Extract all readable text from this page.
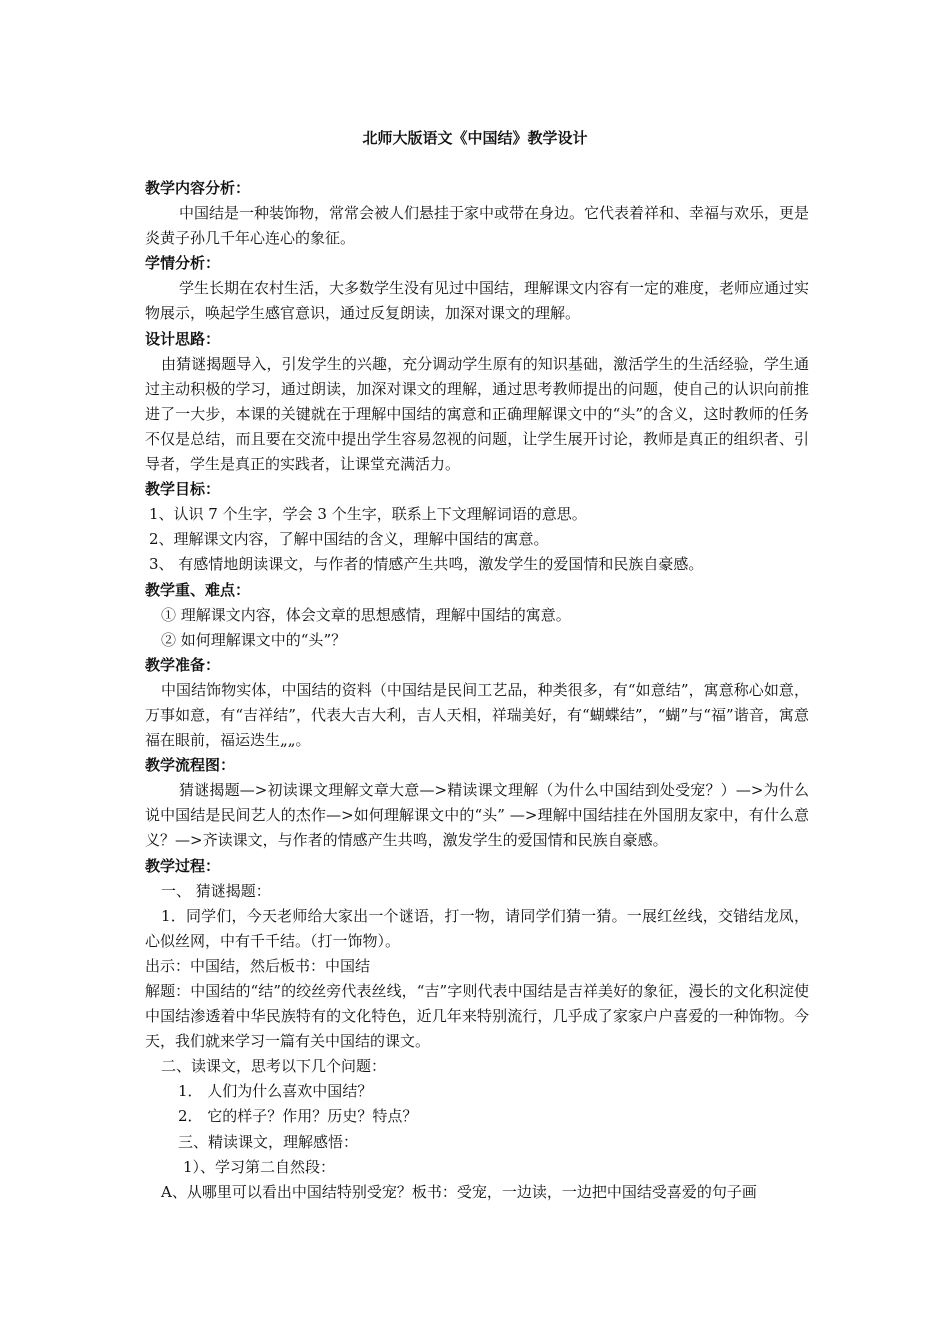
北师大版语文《中国结》教学设计

教学内容分析：

中国结是一种装饰物，常常会被人们悬挂于家中或带在身边。它代表着祥和、幸福与欢乐，更是炎黄子孙几千年心连心的象征。

学情分析：

学生长期在农村生活，大多数学生没有见过中国结，理解课文内容有一定的难度，老师应通过实物展示，唤起学生感官意识，通过反复朗读，加深对课文的理解。

设计思路：

由猜谜揭题导入，引发学生的兴趣，充分调动学生原有的知识基础，激活学生的生活经验，学生通过主动积极的学习，通过朗读，加深对课文的理解，通过思考教师提出的问题，使自己的认识向前推进了一大步，本课的关键就在于理解中国结的寓意和正确理解课文中的“头”的含义，这时教师的任务不仅是总结，而且要在交流中提出学生容易忽视的问题，让学生展开讨论，教师是真正的组织者、引导者，学生是真正的实践者，让课堂充满活力。

教学目标：

1、认识 7 个生字，学会 3 个生字，联系上下文理解词语的意思。

2、理解课文内容，了解中国结的含义，理解中国结的寓意。

3、 有感情地朗读课文，与作者的情感产生共鸣，激发学生的爱国情和民族自豪感。

教学重、难点：

① 理解课文内容，体会文章的思想感情，理解中国结的寓意。

② 如何理解课文中的“头”？

教学准备：

中国结饰物实体，中国结的资料（中国结是民间工艺品，种类很多，有“如意结”，寓意称心如意，万事如意，有“吉祥结”，代表大吉大利，吉人天相，祥瑞美好，有“蝴蝶结”，“蝴”与“福”谐音，寓意福在眼前，福运迭生„„。

教学流程图：

猜谜揭题—>初读课文理解文章大意—>精读课文理解（为什么中国结到处受宠？）—>为什么说中国结是民间艺人的杰作—>如何理解课文中的“头” —>理解中国结挂在外国朋友家中，有什么意义？—>齐读课文，与作者的情感产生共鸣，激发学生的爱国情和民族自豪感。

教学过程：

一、 猜谜揭题：

1．同学们，今天老师给大家出一个谜语，打一物，请同学们猜一猜。一展红丝线，交错结龙凤，心似丝网，中有千千结。（打一饰物）。

出示：中国结，然后板书：中国结

解题：中国结的“结”的绞丝旁代表丝线，“吉”字则代表中国结是吉祥美好的象征，漫长的文化积淀使中国结渗透着中华民族特有的文化特色，近几年来特别流行，几乎成了家家户户喜爱的一种饰物。今天，我们就来学习一篇有关中国结的课文。

二、读课文，思考以下几个问题：

1． 人们为什么喜欢中国结？

2． 它的样子？作用？历史？特点？

三、精读课文，理解感悟：

1）、学习第二自然段：

A、从哪里可以看出中国结特别受宠？板书：受宠，一边读，一边把中国结受喜爱的句子画
